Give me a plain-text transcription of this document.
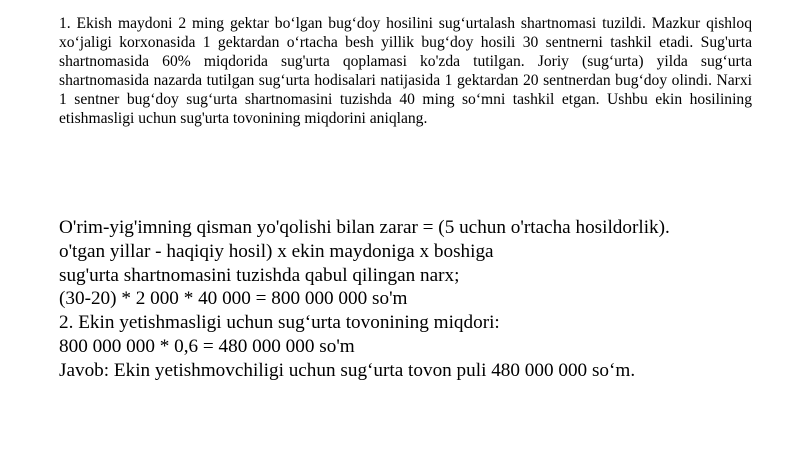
1. Ekish maydoni 2 ming gektar boʻlgan bugʻdoy hosilini sugʻurtalash shartnomasi tuzildi. Mazkur qishloq xoʻjaligi korxonasida 1 gektardan oʻrtacha besh yillik bugʻdoy hosili 30 sentnerni tashkil etadi. Sug'urta shartnomasida 60% miqdorida sug'urta qoplamasi ko'zda tutilgan. Joriy (sugʻurta) yilda sugʻurta shartnomasida nazarda tutilgan sugʻurta hodisalari natijasida 1 gektardan 20 sentnerdan bugʻdoy olindi. Narxi 1 sentner bugʻdoy sugʻurta shartnomasini tuzishda 40 ming soʻmni tashkil etgan. Ushbu ekin hosilining etishmasligi uchun sug'urta tovonining miqdorini aniqlang.

O'rim-yig'imning qisman yo'qolishi bilan zarar = (5 uchun o'rtacha hosildorlik).
o'tgan yillar - haqiqiy hosil) x ekin maydoniga x boshiga
sug'urta shartnomasini tuzishda qabul qilingan narx;
(30-20) * 2 000 * 40 000 = 800 000 000 so'm
2. Ekin yetishmasligi uchun sugʻurta tovonining miqdori:
800 000 000 * 0,6 = 480 000 000 so'm
Javob: Ekin yetishmovchiligi uchun sugʻurta tovon puli 480 000 000 soʻm.
